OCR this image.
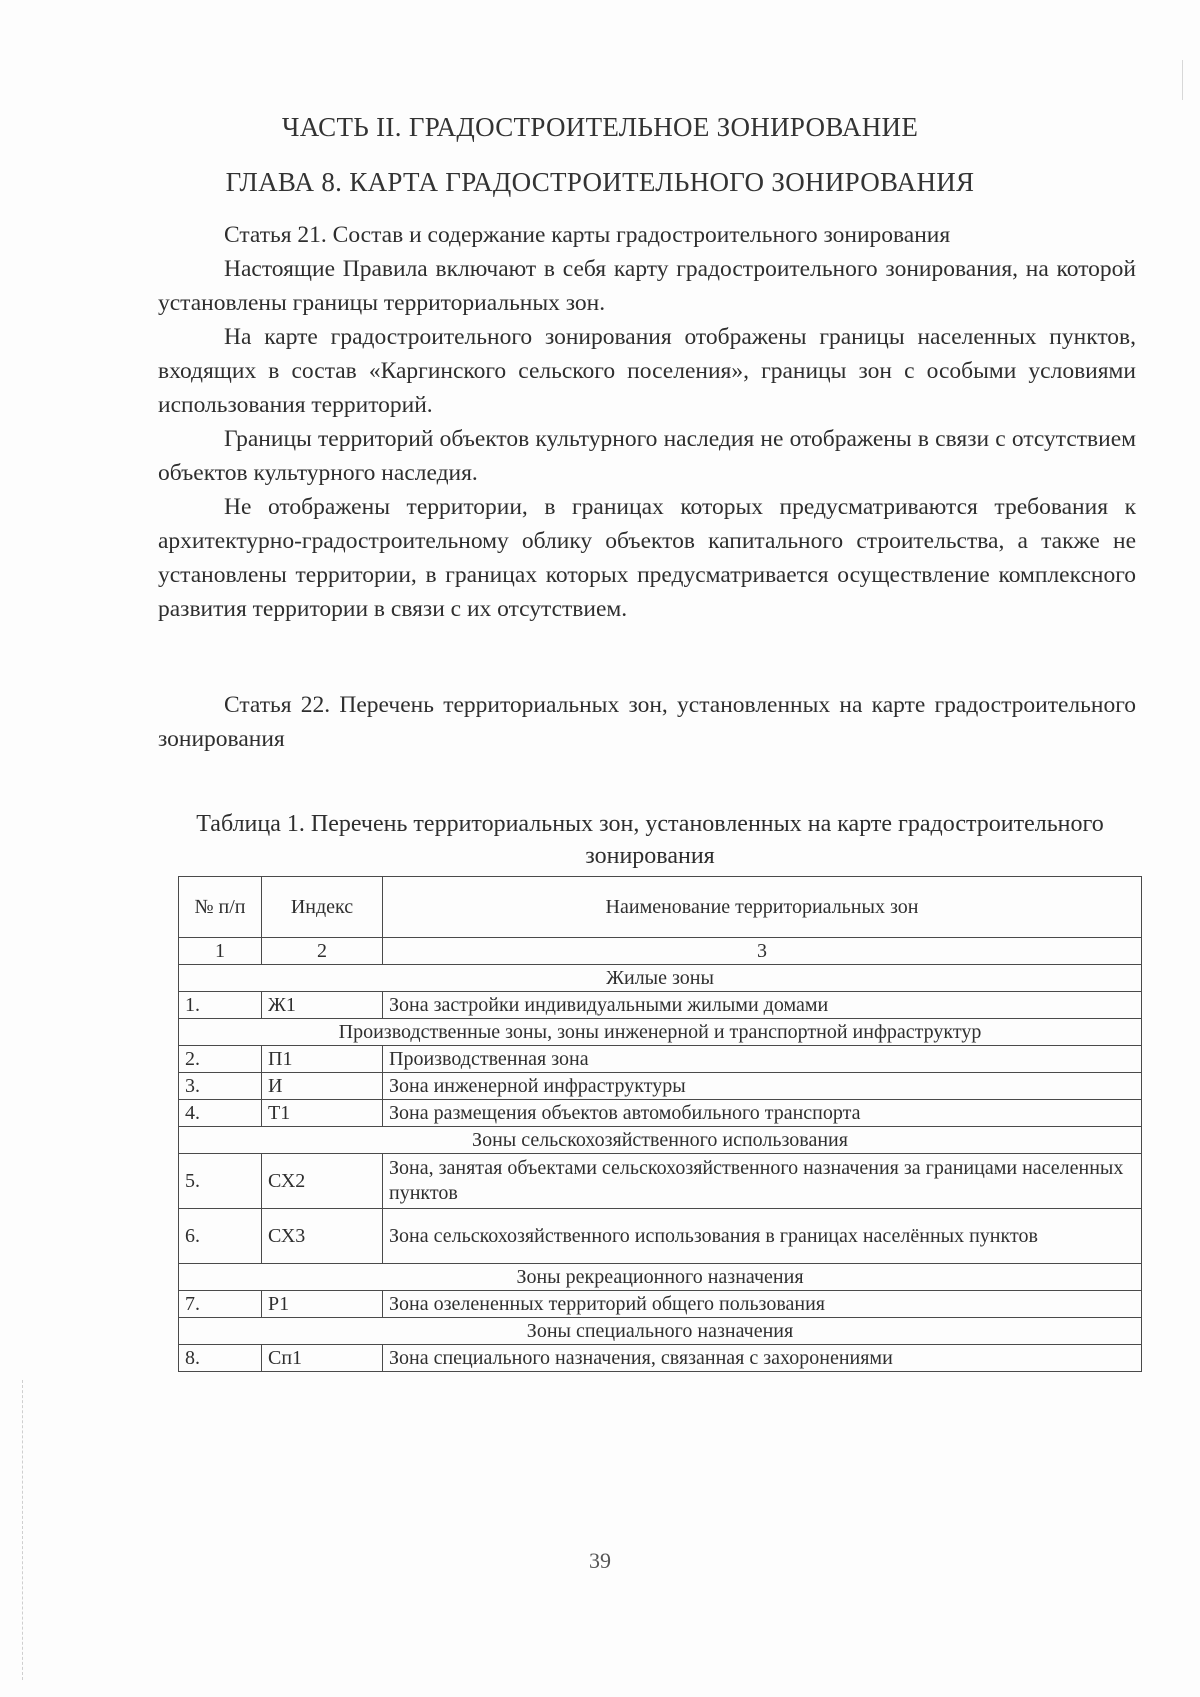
ЧАСТЬ II. ГРАДОСТРОИТЕЛЬНОЕ ЗОНИРОВАНИЕ
ГЛАВА 8. КАРТА ГРАДОСТРОИТЕЛЬНОГО ЗОНИРОВАНИЯ

Статья 21. Состав и содержание карты градостроительного зонирования

Настоящие Правила включают в себя карту градостроительного зонирования, на которой установлены границы территориальных зон.

На карте градостроительного зонирования отображены границы населенных пунктов, входящих в состав «Каргинского сельского поселения», границы зон с особыми условиями использования территорий.

Границы территорий объектов культурного наследия не отображены в связи с отсутствием объектов культурного наследия.

Не отображены территории, в границах которых предусматриваются требования к архитектурно-градостроительному облику объектов капитального строительства, а также не установлены территории, в границах которых предусматривается осуществление комплексного развития территории в связи с их отсутствием.

Статья 22. Перечень территориальных зон, установленных на карте градостроительного зонирования

Таблица 1. Перечень территориальных зон, установленных на карте градостроительного зонирования
№ п/п	Индекс	Наименование территориальных зон
1	2	3
Жилые зоны		
1.	Ж1	Зона застройки индивидуальными жилыми домами
Производственные зоны, зоны инженерной и транспортной инфраструктур		
2.	П1	Производственная зона
3.	И	Зона инженерной инфраструктуры
4.	Т1	Зона размещения объектов автомобильного транспорта
Зоны сельскохозяйственного использования		
5.	СХ2	Зона, занятая объектами сельскохозяйственного назначения за границами населенных пунктов
6.	СХ3	Зона сельскохозяйственного использования в границах населённых пунктов
Зоны рекреационного назначения		
7.	Р1	Зона озелененных территорий общего пользования
Зоны специального назначения		
8.	Сп1	Зона специального назначения, связанная с захоронениями
39
